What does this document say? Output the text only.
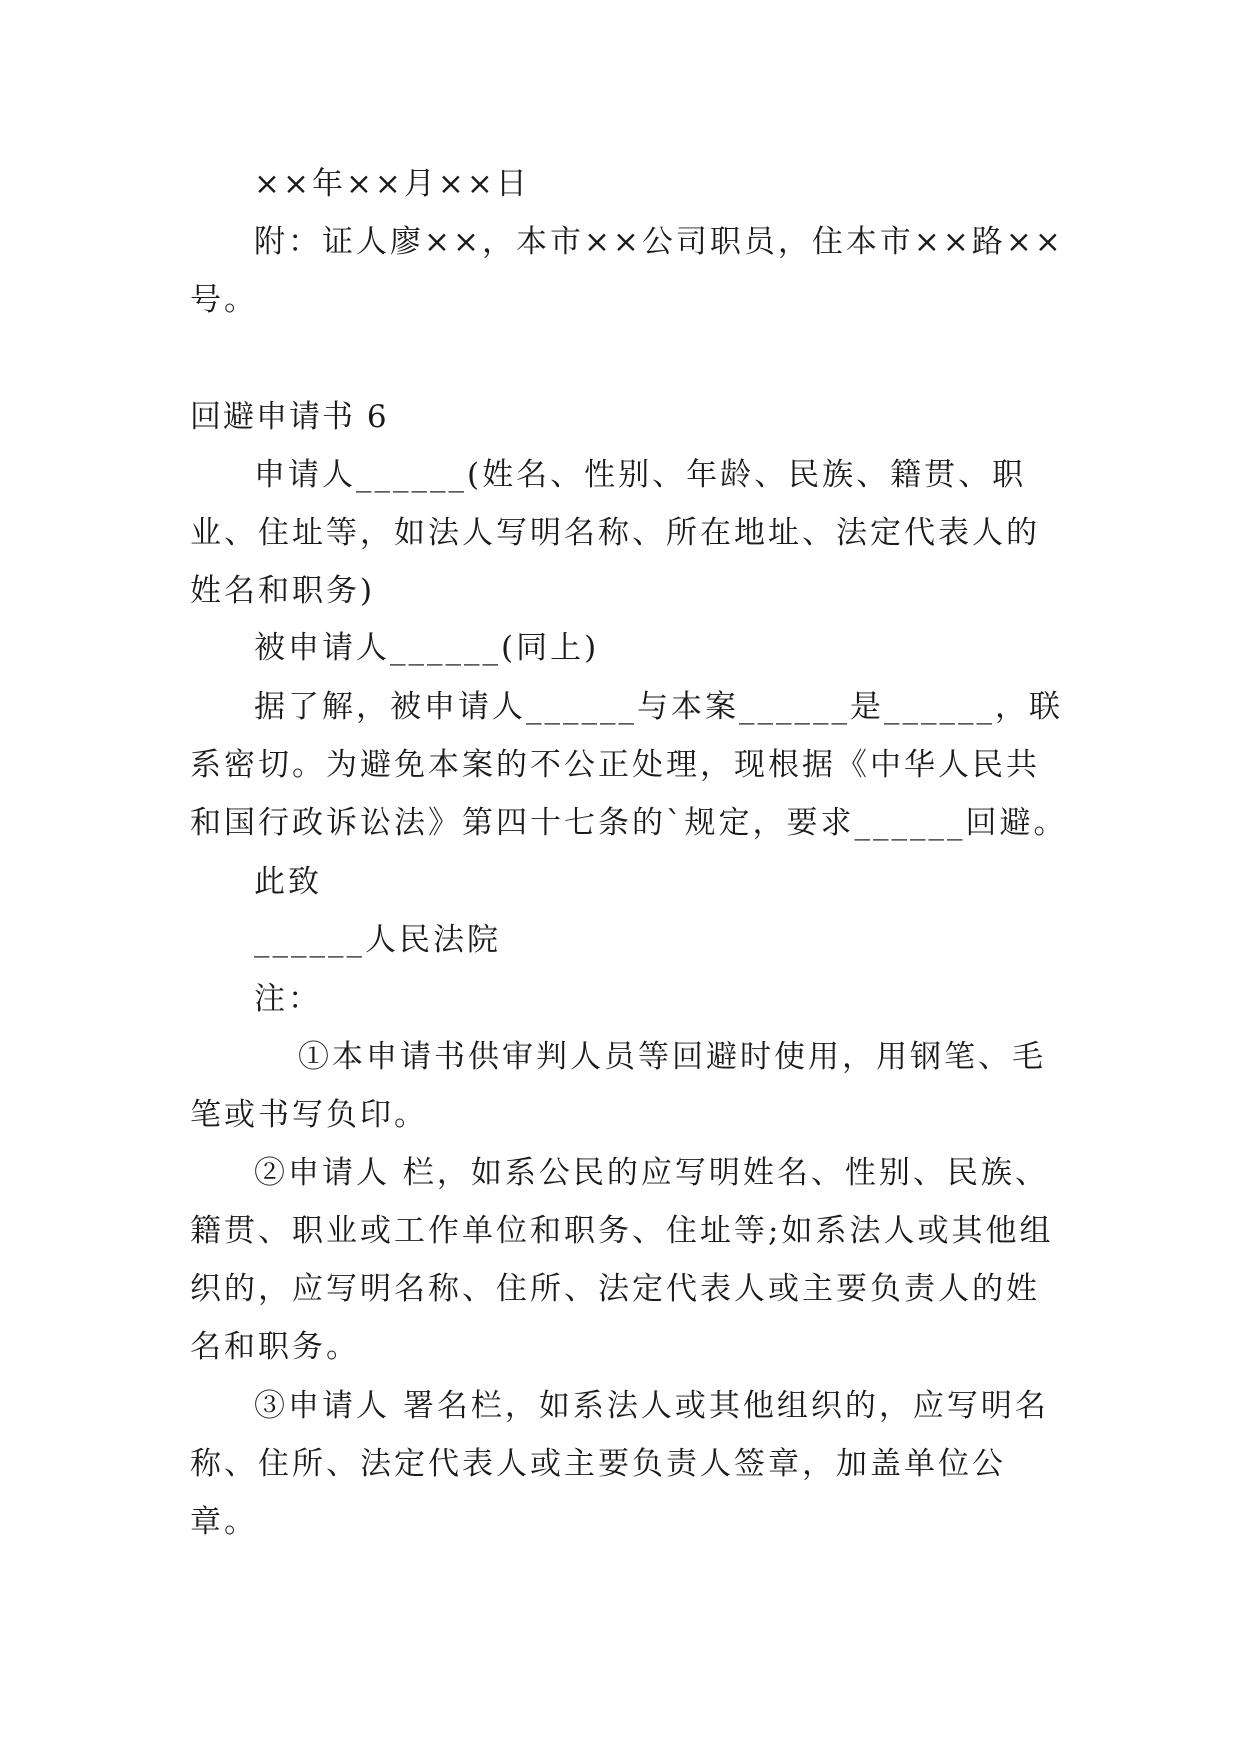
××年××月××日
附：证人廖××，本市××公司职员，住本市××路××号。
回避申请书 6
申请人______(姓名、性别、年龄、民族、籍贯、职业、住址等，如法人写明名称、所在地址、法定代表人的姓名和职务)
被申请人______(同上)
据了解，被申请人______与本案______是______，联系密切。为避免本案的不公正处理，现根据《中华人民共和国行政诉讼法》第四十七条的`规定，要求______回避。
此致
______人民法院
注：
①本申请书供审判人员等回避时使用，用钢笔、毛笔或书写负印。
②申请人 栏，如系公民的应写明姓名、性别、民族、籍贯、职业或工作单位和职务、住址等;如系法人或其他组织的，应写明名称、住所、法定代表人或主要负责人的姓名和职务。
③申请人 署名栏，如系法人或其他组织的，应写明名称、住所、法定代表人或主要负责人签章，加盖单位公章。
